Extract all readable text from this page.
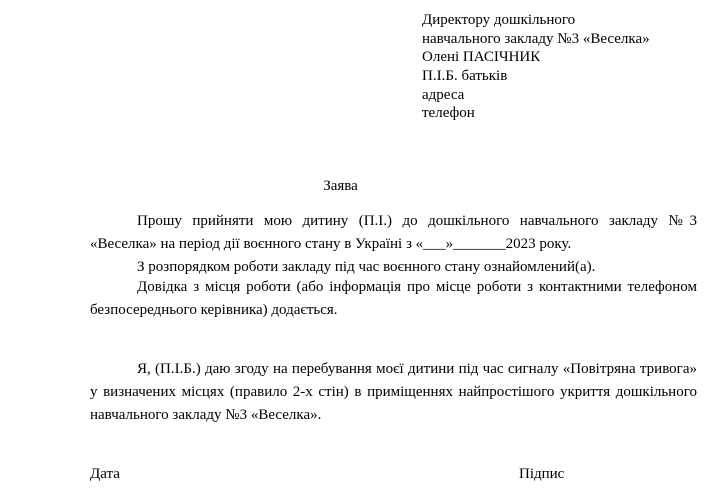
Директору дошкільного
навчального закладу №3 «Веселка»
Олені ПАСІЧНИК
П.І.Б. батьків
адреса
телефон
Заява
Прошу прийняти мою дитину (П.І.) до дошкільного навчального закладу №3 «Веселка» на період дії воєнного стану в Україні з «___»_______2023 року.
З розпорядком роботи закладу під час воєнного стану ознайомлений(а).
Довідка з місця роботи (або інформація про місце роботи з контактними телефоном безпосереднього керівника) додається.
Я, (П.І.Б.) даю згоду на перебування моєї дитини під час сигналу «Повітряна тривога» у визначених місцях (правило 2-х стін) в приміщеннях найпростішого укриття дошкільного навчального закладу №3 «Веселка».
Дата	Підпис
